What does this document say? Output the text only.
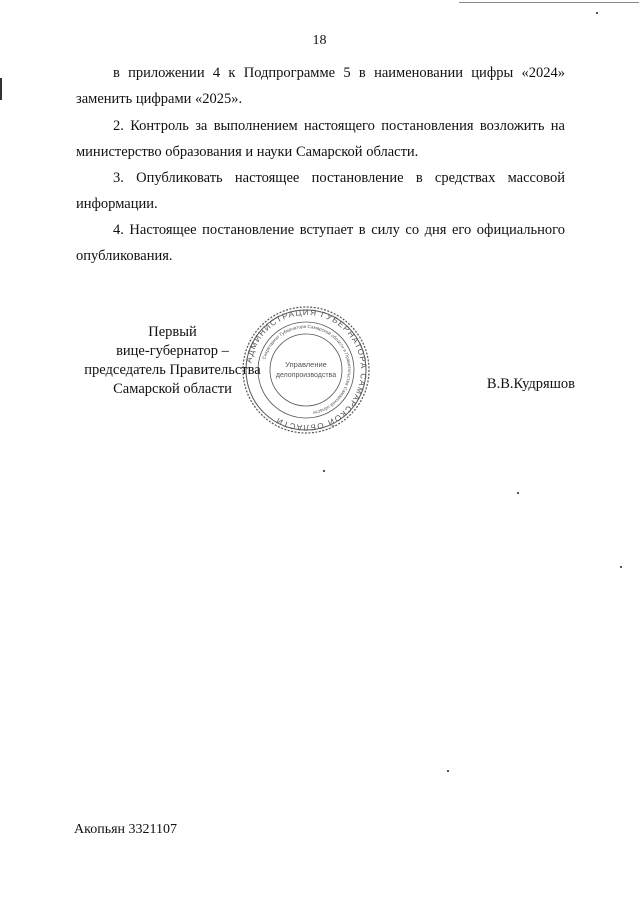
18

в приложении 4 к Подпрограмме 5 в наименовании цифры «2024» заменить цифрами «2025».

2. Контроль за выполнением настоящего постановления возложить на министерство образования и науки Самарской области.

3. Опубликовать настоящее постановление в средствах массовой информации.

4. Настоящее постановление вступает в силу со дня его официального опубликования.

АДМИНИСТРАЦИЯ ГУБЕРНАТОРА САМАРСКОЙ ОБЛАСТИ
Секретариат Губернатора Самарской области и Правительства Самарской области
Управление
делопроизводства
Первый
вице-губернатор –
председатель Правительства
Самарской области	В.В.Кудряшов
Акопьян 3321107
